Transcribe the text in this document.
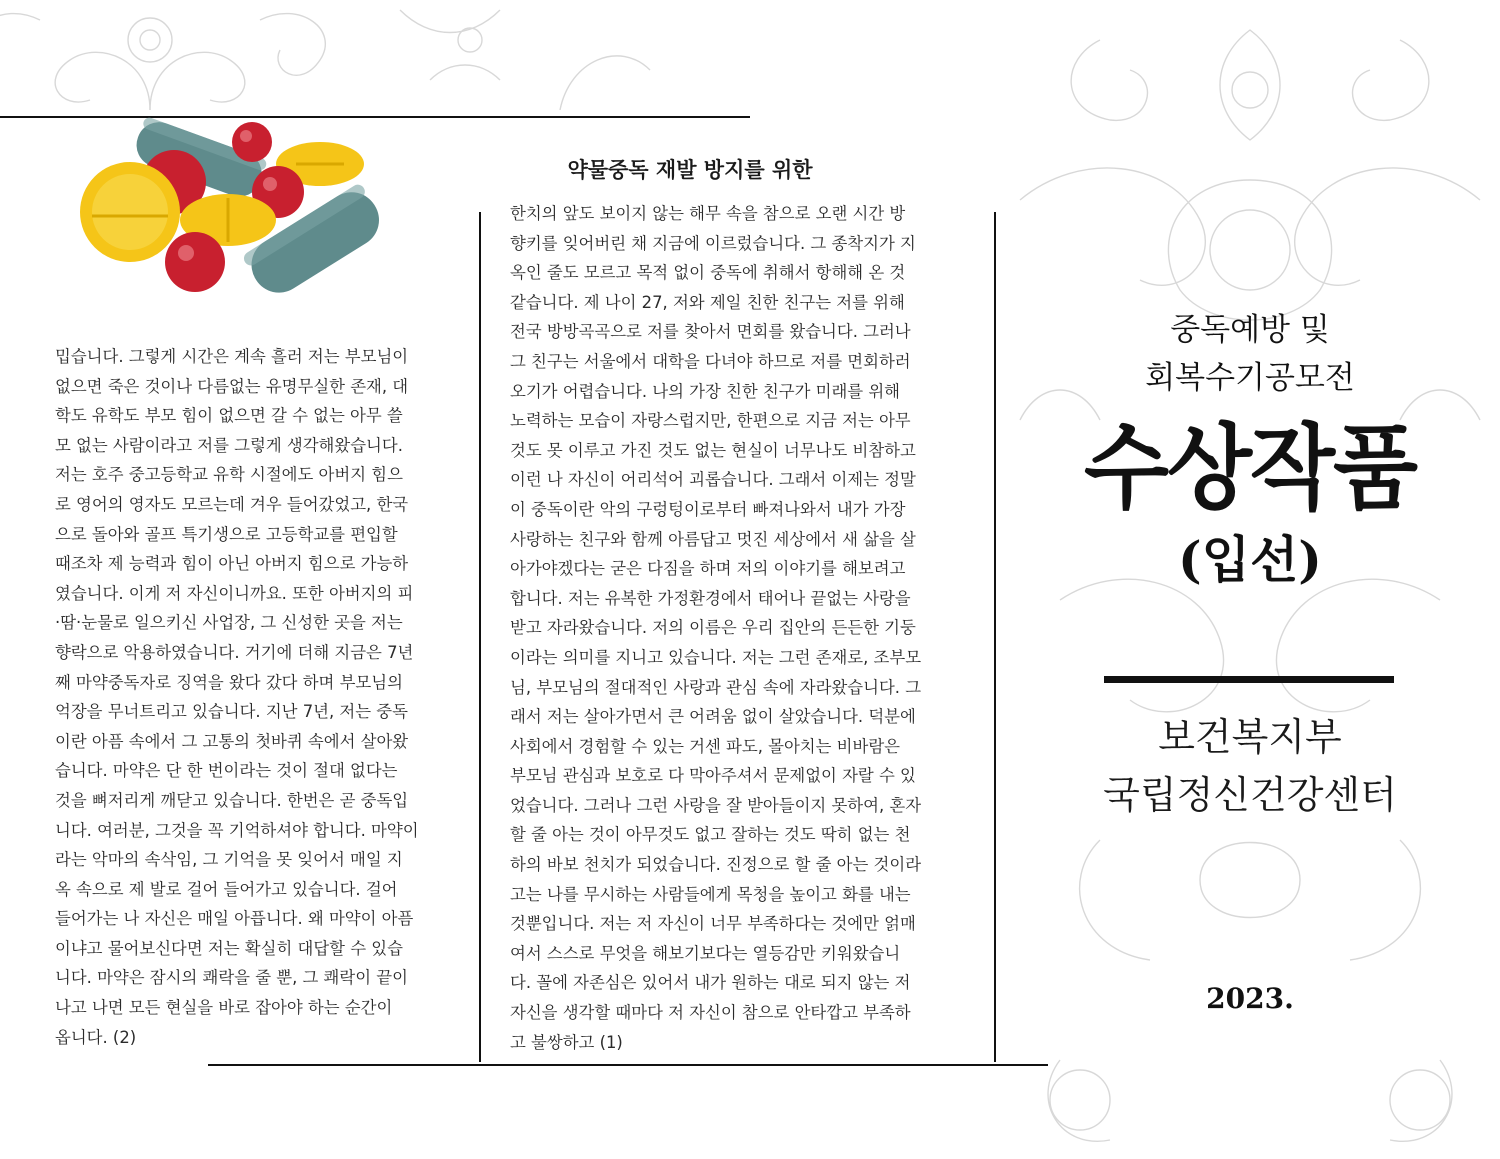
밉습니다. 그렇게 시간은 계속 흘러 저는 부모님이
없으면 죽은 것이나 다름없는 유명무실한 존재, 대
학도 유학도 부모 힘이 없으면 갈 수 없는 아무 쓸
모 없는 사람이라고 저를 그렇게 생각해왔습니다.
저는 호주 중고등학교 유학 시절에도 아버지 힘으
로 영어의 영자도 모르는데 겨우 들어갔었고, 한국
으로 돌아와 골프 특기생으로 고등학교를 편입할
때조차 제 능력과 힘이 아닌 아버지 힘으로 가능하
였습니다. 이게 저 자신이니까요. 또한 아버지의 피
·땀·눈물로 일으키신 사업장, 그 신성한 곳을 저는
향락으로 악용하였습니다. 거기에 더해 지금은 7년
째 마약중독자로 징역을 왔다 갔다 하며 부모님의
억장을 무너트리고 있습니다. 지난 7년, 저는 중독
이란 아픔 속에서 그 고통의 첫바퀴 속에서 살아왔
습니다. 마약은 단 한 번이라는 것이 절대 없다는
것을 뼈저리게 깨닫고 있습니다. 한번은 곧 중독입
니다. 여러분, 그것을 꼭 기억하셔야 합니다. 마약이
라는 악마의 속삭임, 그 기억을 못 잊어서 매일 지
옥 속으로 제 발로 걸어 들어가고 있습니다. 걸어
들어가는 나 자신은 매일 아픕니다. 왜 마약이 아픔
이냐고 물어보신다면 저는 확실히 대답할 수 있습
니다. 마약은 잠시의 쾌락을 줄 뿐, 그 쾌락이 끝이
나고 나면 모든 현실을 바로 잡아야 하는 순간이
옵니다. (2)
약물중독 재발 방지를 위한
한치의 앞도 보이지 않는 해무 속을 참으로 오랜 시간 방
향키를 잊어버린 채 지금에 이르렀습니다. 그 종착지가 지
옥인 줄도 모르고 목적 없이 중독에 취해서 항해해 온 것
같습니다. 제 나이 27, 저와 제일 친한 친구는 저를 위해
전국 방방곡곡으로 저를 찾아서 면회를 왔습니다. 그러나
그 친구는 서울에서 대학을 다녀야 하므로 저를 면회하러
오기가 어렵습니다. 나의 가장 친한 친구가 미래를 위해
노력하는 모습이 자랑스럽지만, 한편으로 지금 저는 아무
것도 못 이루고 가진 것도 없는 현실이 너무나도 비참하고
이런 나 자신이 어리석어 괴롭습니다. 그래서 이제는 정말
이 중독이란 악의 구렁텅이로부터 빠져나와서 내가 가장
사랑하는 친구와 함께 아름답고 멋진 세상에서 새 삶을 살
아가야겠다는 굳은 다짐을 하며 저의 이야기를 해보려고
합니다. 저는 유복한 가정환경에서 태어나 끝없는 사랑을
받고 자라왔습니다. 저의 이름은 우리 집안의 든든한 기둥
이라는 의미를 지니고 있습니다. 저는 그런 존재로, 조부모
님, 부모님의 절대적인 사랑과 관심 속에 자라왔습니다. 그
래서 저는 살아가면서 큰 어려움 없이 살았습니다. 덕분에
사회에서 경험할 수 있는 거센 파도, 몰아치는 비바람은
부모님 관심과 보호로 다 막아주셔서 문제없이 자랄 수 있
었습니다. 그러나 그런 사랑을 잘 받아들이지 못하여, 혼자
할 줄 아는 것이 아무것도 없고 잘하는 것도 딱히 없는 천
하의 바보 천치가 되었습니다. 진정으로 할 줄 아는 것이라
고는 나를 무시하는 사람들에게 목청을 높이고 화를 내는
것뿐입니다. 저는 저 자신이 너무 부족하다는 것에만 얽매
여서 스스로 무엇을 해보기보다는 열등감만 키워왔습니
다. 꼴에 자존심은 있어서 내가 원하는 대로 되지 않는 저
자신을 생각할 때마다 저 자신이 참으로 안타깝고 부족하
고 불쌍하고 (1)
중독예방 및
회복수기공모전
수상작품
(입선)
보건복지부
국립정신건강센터
2023.
